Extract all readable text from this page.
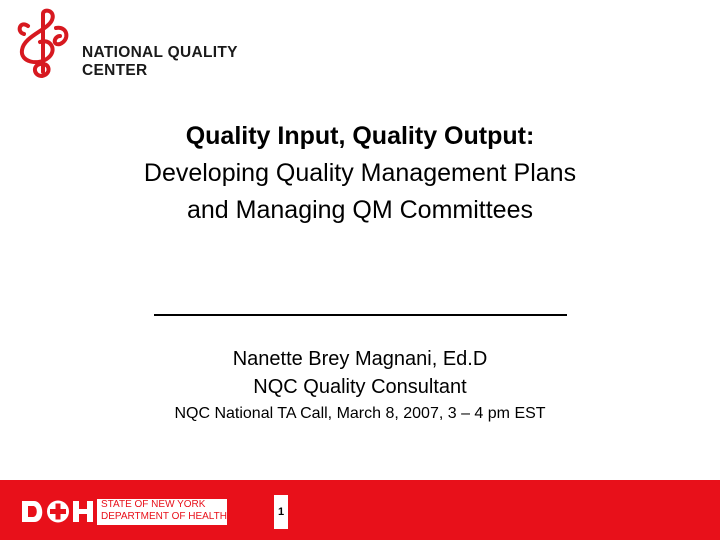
NATIONAL QUALITY CENTER
Quality Input, Quality Output:
Developing Quality Management Plans
and Managing QM Committees
Nanette Brey Magnani, Ed.D
NQC Quality Consultant
NQC National TA Call, March 8, 2007, 3 – 4 pm EST
STATE OF NEW YORK
DEPARTMENT OF HEALTH	1
